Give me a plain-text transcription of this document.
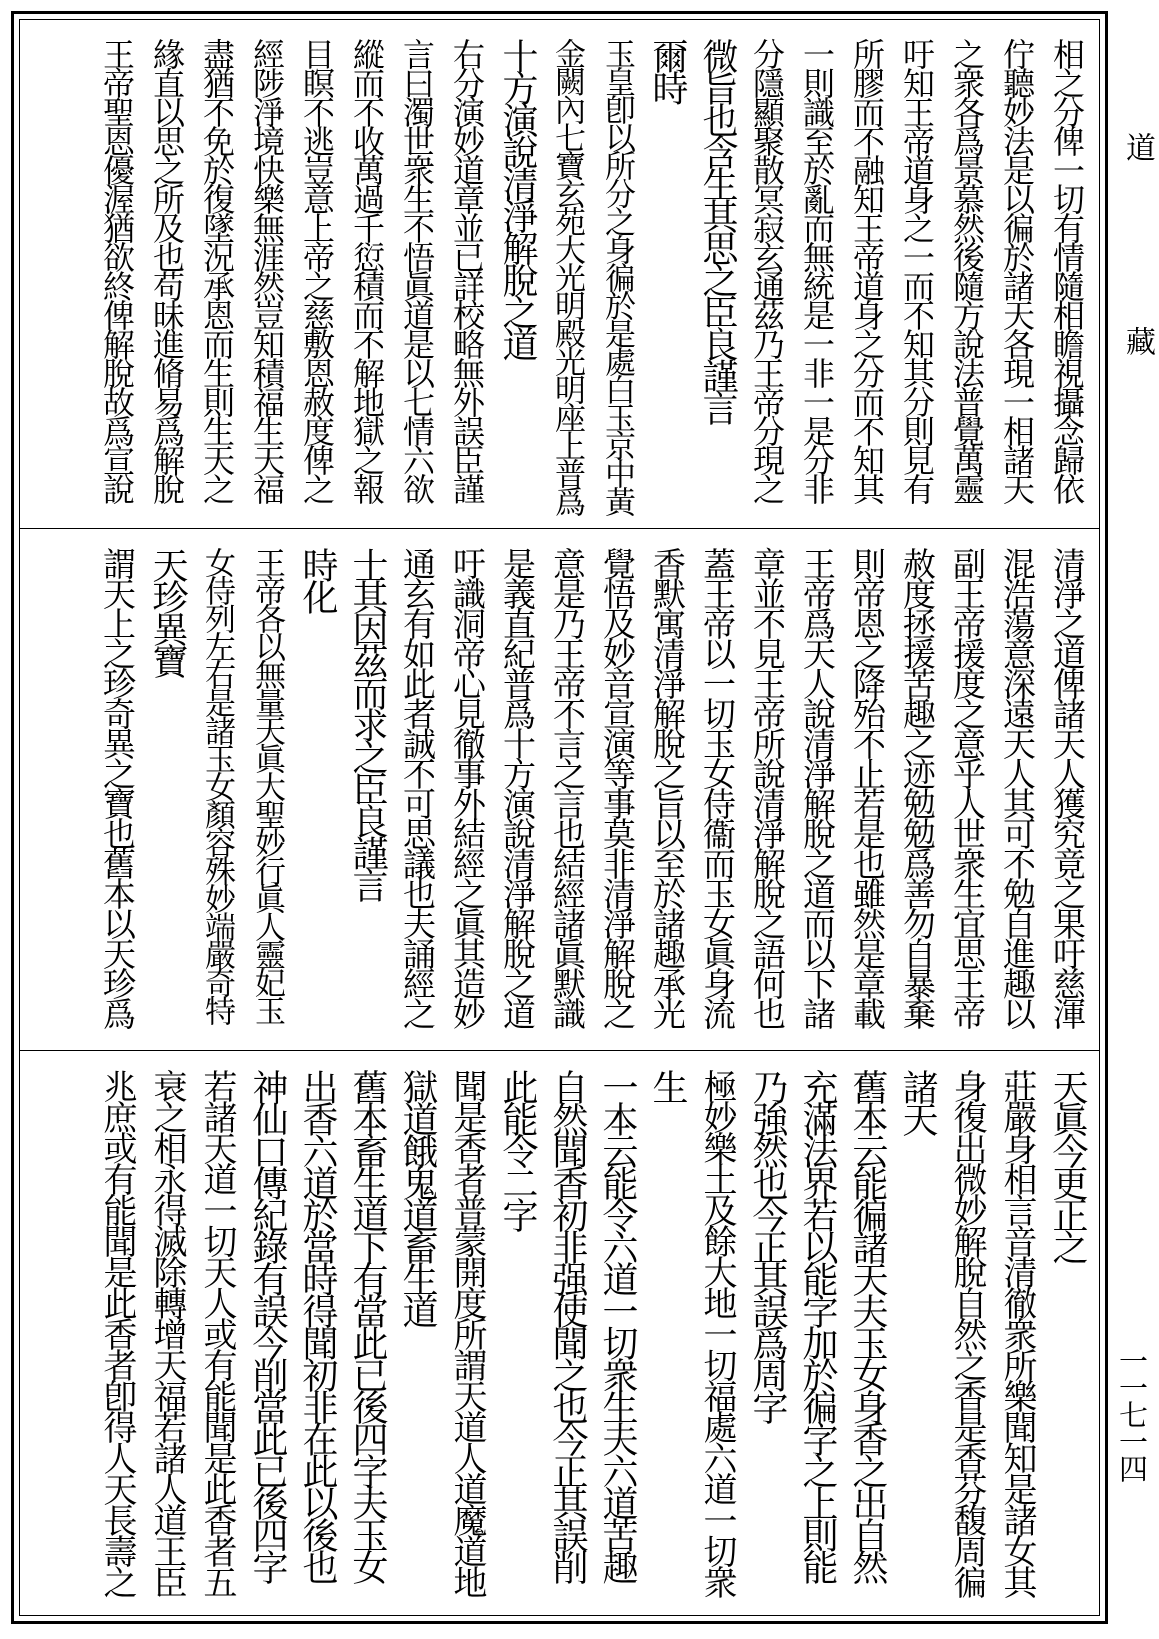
道
藏
一一七一四
相之分俾一切有情隨相瞻視攝念歸依
佇聽妙法是以徧於諸天各現一相諸天
之衆各爲景慕然後隨方說法普覺萬靈
吁知王帝道身之一而不知其分則見有
所膠而不融知王帝道身之分而不知其
一則識至於亂而無統是一非一是分非
分隱顯聚散冥寂玄通茲乃王帝分現之
微旨也含生其思之臣良謹言
爾時
玉皇卽以所分之身徧於是處白玉京中黃
金闕內七寶玄苑大光明殿光明座上普爲
十方演說清淨解脫之道
右分演妙道章並已詳校略無外誤臣謹
言曰濁世衆生不悟眞道是以七情六欲
縱而不收萬過千愆積而不解地獄之報
目瞑不逃豈意上帝之慈敷恩赦度俾之
經陟淨境快樂無涯然豈知積福生天福
盡猶不免於復墜況承恩而生則生天之
緣直以思之所及也苟昧進脩易爲解脫
王帝聖恩優渥猶欲終俾解脫故爲宣說
清淨之道俾諸天人獲究竟之果吁慈渾
混浩蕩意深遠天人其可不勉自進趣以
副王帝援度之意乎人世衆生宜思王帝
赦度拯援苦趣之迹勉勉爲善勿自暴棄
則帝恩之降殆不止若是也雖然是章載
王帝爲天人說清淨解脫之道而以下諸
章並不見王帝所說清淨解脫之語何也
蓋王帝以一切玉女侍衞而玉女眞身流
香默寓清淨解脫之旨以至於諸趣承光
覺悟及妙音宣演等事莫非清淨解脫之
意是乃王帝不言之言也結經諸眞默識
是義直紀普爲十方演說清淨解脫之道
吁識洞帝心見徹事外結經之眞其造妙
通玄有如此者誠不可思議也夫誦經之
士其因茲而求之臣良謹言
時化
王帝各以無量天眞大聖妙行眞人靈妃玉
女侍列左右是諸玉女顏容殊妙端嚴奇特
天珍異寶
謂天上之珍奇異之寶也舊本以天珍爲
天眞今更正之
莊嚴身相言音清徹衆所樂聞知是諸女其
身復出微妙解脫自然之香是香芬馥周徧
諸天
舊本云能徧諸天夫玉女身香之出自然
充滿法界若以能字加於徧字之上則能
乃強然也今正其誤爲周字
極妙樂土及餘大地一切福處六道一切衆
生
一本云能令六道一切衆生夫六道苦趣
自然聞香初非强使聞之也今正其誤削
此能令二字
聞是香者普蒙開度所謂天道人道魔道地
獄道餓鬼道畜生道
舊本畜生道下有當此已後四字夫玉女
出香六道於當時得聞初非在此以後也
神仙口傳紀錄有誤今削當此已後四字
若諸天道一切天人或有能聞是此香者五
衰之相永得滅除轉增天福若諸人道王臣
兆庶或有能聞是此香者卽得人天長壽之
